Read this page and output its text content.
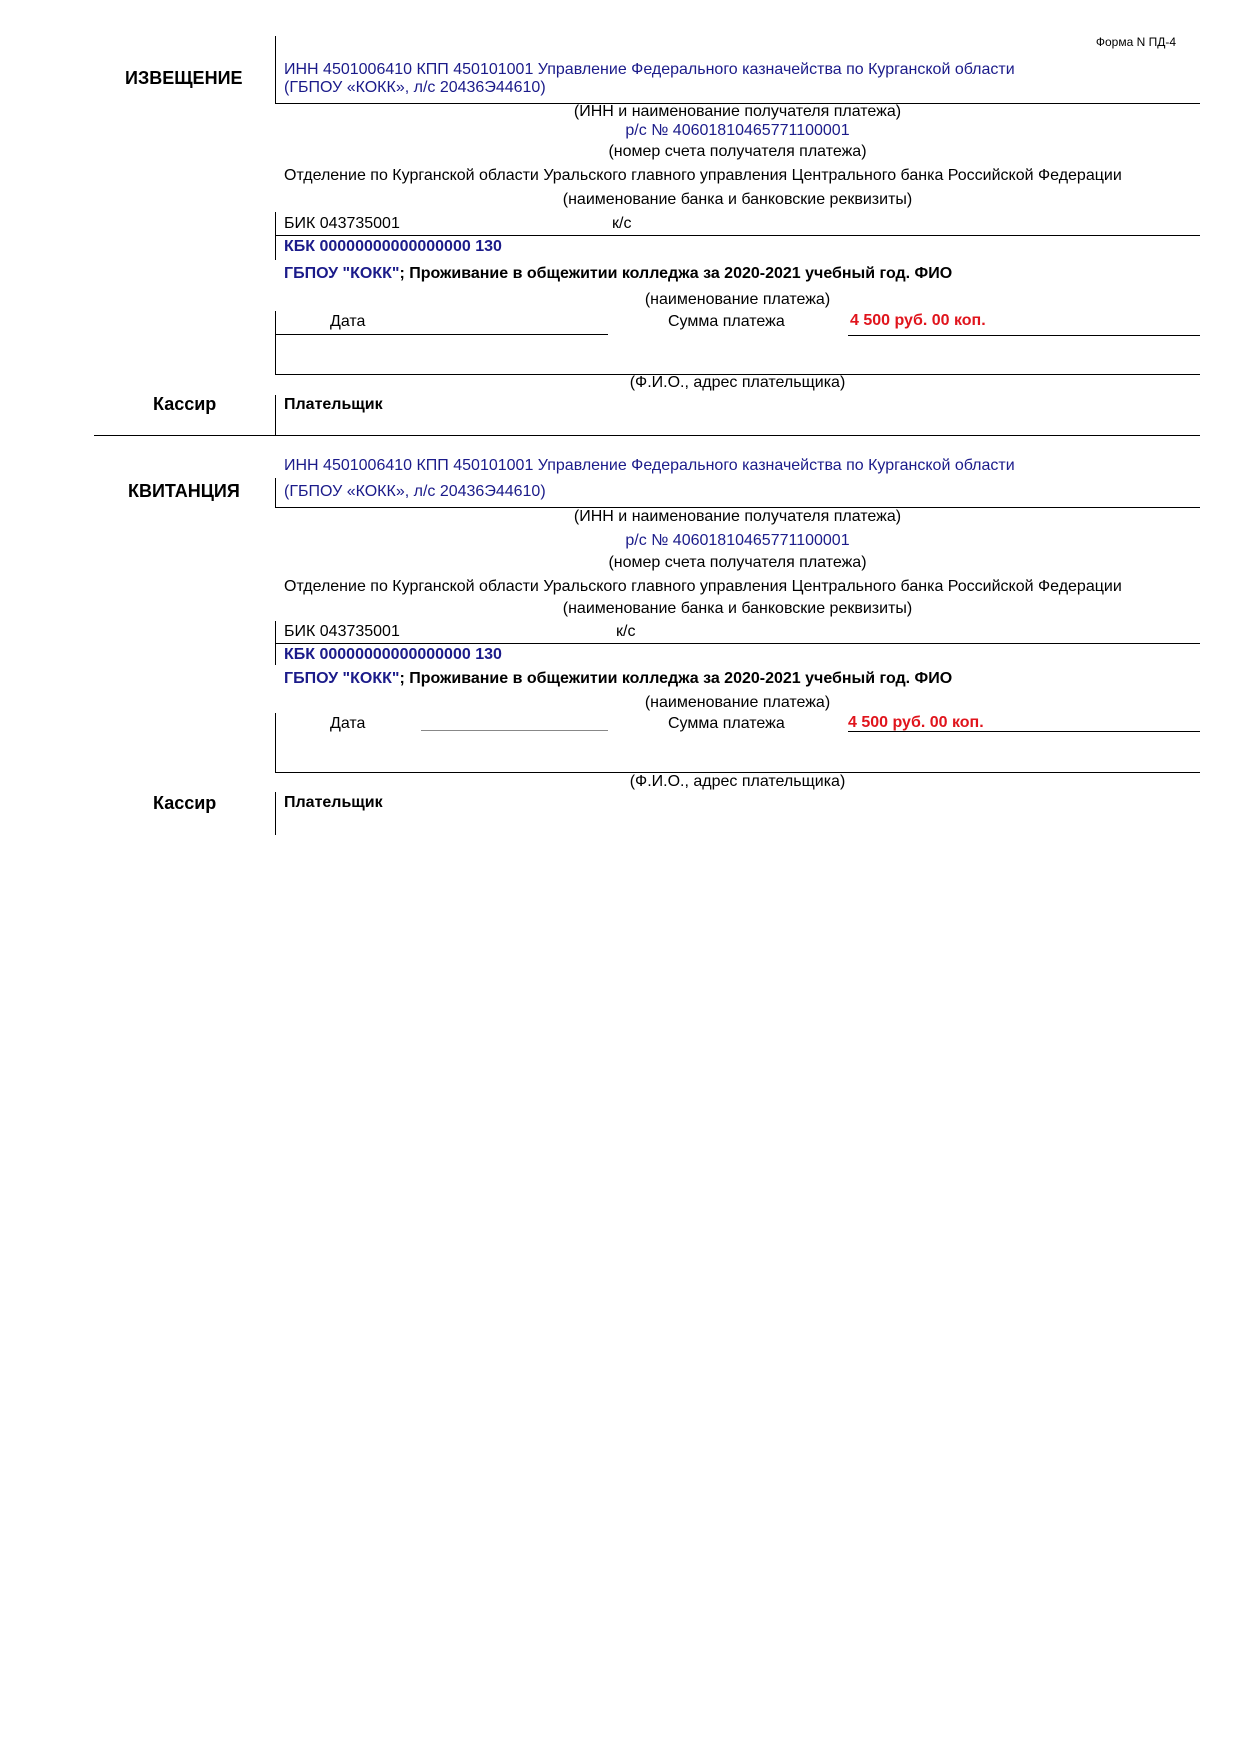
Форма N ПД-4
ИЗВЕЩЕНИЕ	ИНН 4501006410 КПП 450101001 Управление Федерального казначейства по Курганской области
(ГБПОУ «КОКК», л/с 20436Э44610)
(ИНН и наименование получателя платежа)
р/с № 40601810465771100001
(номер счета получателя платежа)
Отделение по Курганской области Уральского главного управления Центрального банка Российской Федерации
(наименование банка и банковские реквизиты)
БИК 043735001	к/с
КБК 00000000000000000 130
ГБПОУ "КОКК"; Проживание в общежитии колледжа за 2020-2021 учебный год. ФИО
(наименование платежа)
Дата	Сумма платежа	4 500 руб. 00 коп.
(Ф.И.О., адрес плательщика)
Кассир	Плательщик
ИНН 4501006410 КПП 450101001 Управление Федерального казначейства по Курганской области
КВИТАНЦИЯ	(ГБПОУ «КОКК», л/с 20436Э44610)
(ИНН и наименование получателя платежа)
р/с № 40601810465771100001
(номер счета получателя платежа)
Отделение по Курганской области Уральского главного управления Центрального банка Российской Федерации
(наименование банка и банковские реквизиты)
БИК 043735001	к/с
КБК 00000000000000000 130
ГБПОУ "КОКК"; Проживание в общежитии колледжа за 2020-2021 учебный год. ФИО
(наименование платежа)
Дата	Сумма платежа	4 500 руб. 00 коп.
(Ф.И.О., адрес плательщика)
Кассир	Плательщик
